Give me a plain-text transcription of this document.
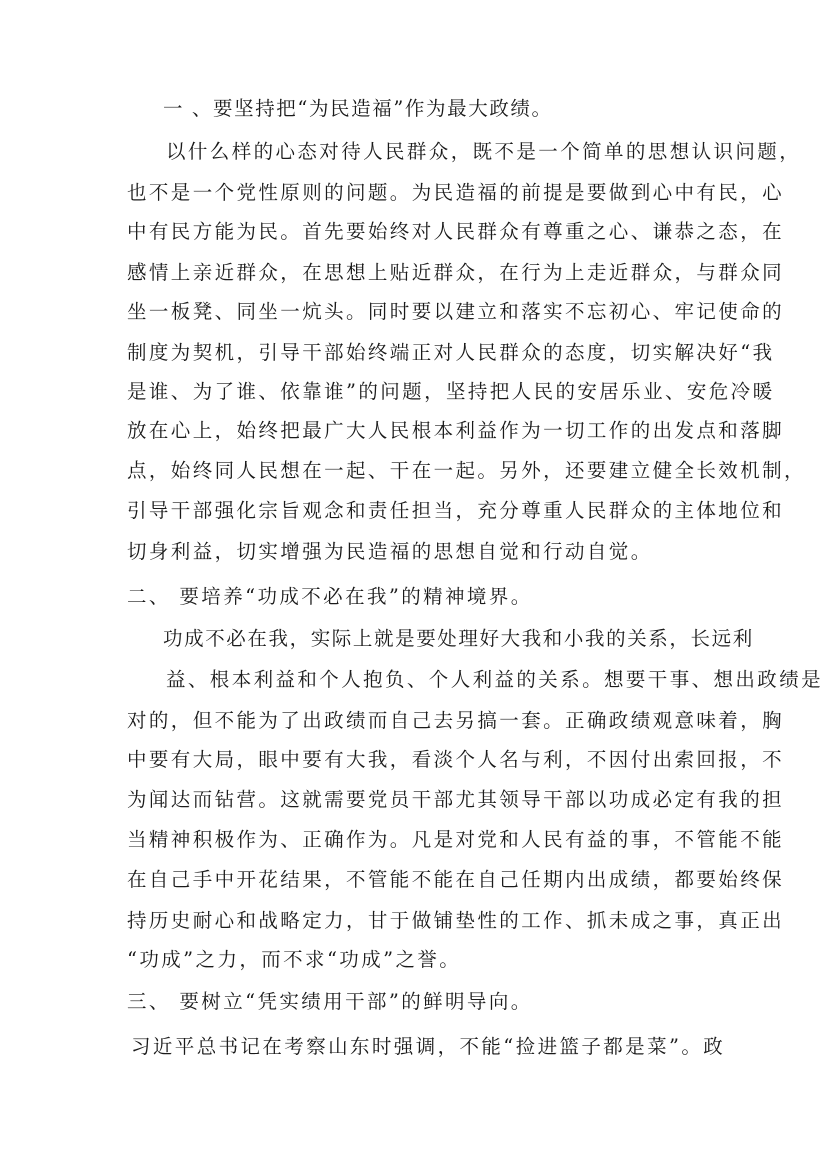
一 、要坚持把“为民造福”作为最大政绩。
以什么样的心态对待人民群众，既不是一个简单的思想认识问题，
也不是一个党性原则的问题。为民造福的前提是要做到心中有民，心
中有民方能为民。首先要始终对人民群众有尊重之心、谦恭之态，在
感情上亲近群众，在思想上贴近群众，在行为上走近群众，与群众同
坐一板凳、同坐一炕头。同时要以建立和落实不忘初心、牢记使命的
制度为契机，引导干部始终端正对人民群众的态度，切实解决好“我
是谁、为了谁、依靠谁”的问题，坚持把人民的安居乐业、安危冷暖
放在心上，始终把最广大人民根本利益作为一切工作的出发点和落脚
点，始终同人民想在一起、干在一起。另外，还要建立健全长效机制，
引导干部强化宗旨观念和责任担当，充分尊重人民群众的主体地位和
切身利益，切实增强为民造福的思想自觉和行动自觉。
二、 要培养“功成不必在我”的精神境界。
功成不必在我，实际上就是要处理好大我和小我的关系，长远利
益、根本利益和个人抱负、个人利益的关系。想要干事、想出政绩是
对的，但不能为了出政绩而自己去另搞一套。正确政绩观意味着，胸
中要有大局，眼中要有大我，看淡个人名与利，不因付出索回报，不
为闻达而钻营。这就需要党员干部尤其领导干部以功成必定有我的担
当精神积极作为、正确作为。凡是对党和人民有益的事，不管能不能
在自己手中开花结果，不管能不能在自己任期内出成绩，都要始终保
持历史耐心和战略定力，甘于做铺垫性的工作、抓未成之事，真正出
“功成”之力，而不求“功成”之誉。
三、 要树立“凭实绩用干部”的鲜明导向。
习近平总书记在考察山东时强调，不能“捡进篮子都是菜”。政
